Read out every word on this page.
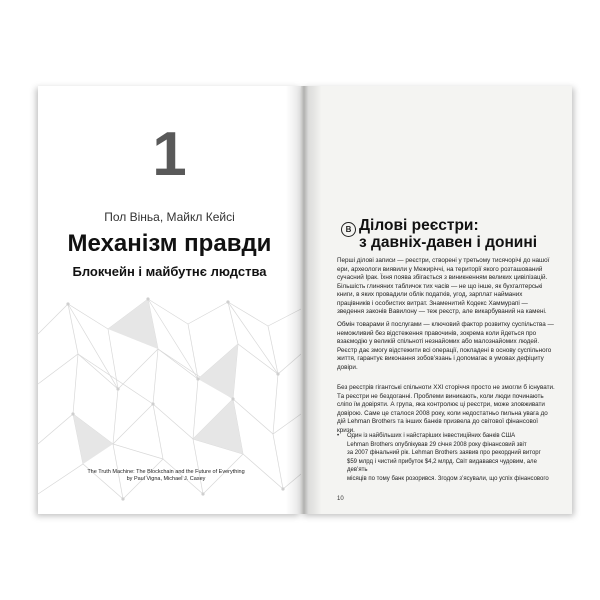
1
Пол Віньа, Майкл Кейсі
Механізм правди
Блокчейн і майбутнє людства
The Truth Machine: The Blockchain and the Future of Everything
by Paul Vigna, Michael J. Casey
B Ділові реєстри:
з давніх-давен і донині

Перші ділові записи — реєстри, створені у третьому тисячорічі до нашої ери, археологи виявили у Межиріччі, на території якого розташований сучасний Ірак. Їхня поява збігається з виникненням великих цивілізацій. Більшість глиняних табличок тих часів — не що інше, як бухгалтерські книги, в яких провадили облік податків, угод, зарплат найманих працівників і особистих витрат. Знаменитий Кодекс Хаммурапі — зведення законів Вавилону — теж реєстр, але викарбуваний на камені.

Обмін товарами й послугами — ключовий фактор розвитку суспільства — неможливий без відстеження правочинів, зокрема коли йдеться про взаємодію у великій спільноті незнайомих або малознайомих людей. Реєстр дає змогу відстежити всі операції, покладені в основу суспільного життя, гарантує виконання зобов’язань і допомагає в умовах дефіциту довіри.

Без реєстрів гігантські спільноти XXI сторіччя просто не змогли б існувати. Та реєстри не бездоганні. Проблеми виникають, коли люди починають сліпо їм довіряти. А група, яка контролює ці реєстри, може зловживати довірою. Саме це сталося 2008 року, коли недостатньо пильна увага до дій Lehman Brothers та інших банків призвела до світової фінансової кризи.

•	Один із найбільших і найстаріших інвестиційних банків США
Lehman Brothers опублікував 29 січня 2008 року фінансовий звіт
за 2007 фінальний рік. Lehman Brothers заявив про рекордний виторг
$59 млрд і чистий прибуток $4,2 млрд. Світ видавався чудовим, але дев’ять
місяців по тому банк розорився. Згодом з’ясували, що успіх фінансового
10
